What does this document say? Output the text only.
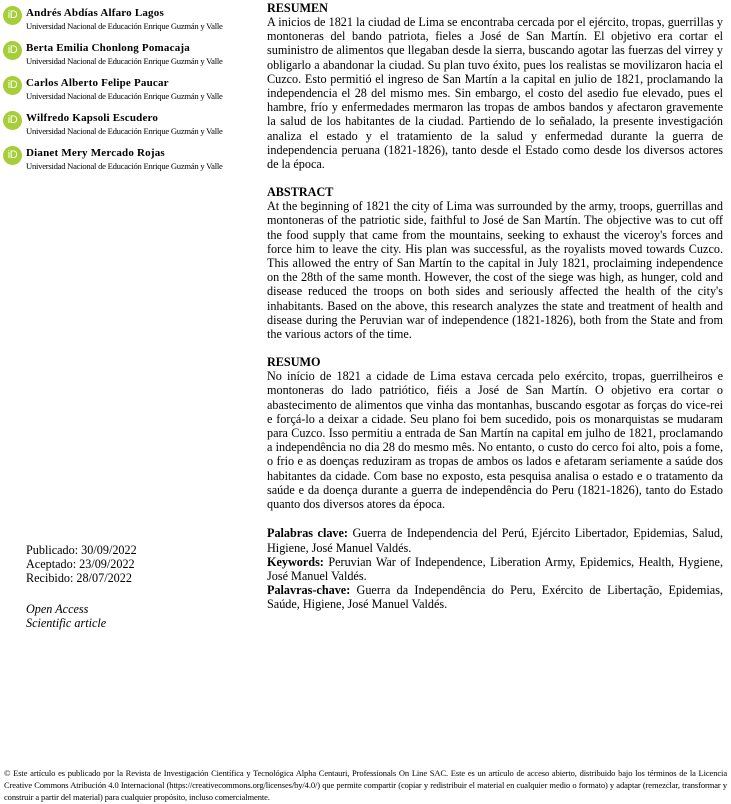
iD Andrés Abdías Alfaro Lagos
Universidad Nacional de Educación Enrique Guzmán y Valle
iD Berta Emilia Chonlong Pomacaja
Universidad Nacional de Educación Enrique Guzmán y Valle
iD Carlos Alberto Felipe Paucar
Universidad Nacional de Educación Enrique Guzmán y Valle
iD Wilfredo Kapsoli Escudero
Universidad Nacional de Educación Enrique Guzmán y Valle
iD Dianet Mery Mercado Rojas
Universidad Nacional de Educación Enrique Guzmán y Valle
RESUMEN
A inicios de 1821 la ciudad de Lima se encontraba cercada por el ejército, tropas, guerrillas y montoneras del bando patriota, fieles a José de San Martín. El objetivo era cortar el suministro de alimentos que llegaban desde la sierra, buscando agotar las fuerzas del virrey y obligarlo a abandonar la ciudad. Su plan tuvo éxito, pues los realistas se movilizaron hacia el Cuzco. Esto permitió el ingreso de San Martín a la capital en julio de 1821, proclamando la independencia el 28 del mismo mes. Sin embargo, el costo del asedio fue elevado, pues el hambre, frío y enfermedades mermaron las tropas de ambos bandos y afectaron gravemente la salud de los habitantes de la ciudad. Partiendo de lo señalado, la presente investigación analiza el estado y el tratamiento de la salud y enfermedad durante la guerra de independencia peruana (1821-1826), tanto desde el Estado como desde los diversos actores de la época.
ABSTRACT
At the beginning of 1821 the city of Lima was surrounded by the army, troops, guerrillas and montoneras of the patriotic side, faithful to José de San Martín. The objective was to cut off the food supply that came from the mountains, seeking to exhaust the viceroy's forces and force him to leave the city. His plan was successful, as the royalists moved towards Cuzco. This allowed the entry of San Martín to the capital in July 1821, proclaiming independence on the 28th of the same month. However, the cost of the siege was high, as hunger, cold and disease reduced the troops on both sides and seriously affected the health of the city's inhabitants. Based on the above, this research analyzes the state and treatment of health and disease during the Peruvian war of independence (1821-1826), both from the State and from the various actors of the time.
RESUMO
No início de 1821 a cidade de Lima estava cercada pelo exército, tropas, guerrilheiros e montoneras do lado patriótico, fiéis a José de San Martín. O objetivo era cortar o abastecimento de alimentos que vinha das montanhas, buscando esgotar as forças do vice-rei e forçá-lo a deixar a cidade. Seu plano foi bem sucedido, pois os monarquistas se mudaram para Cuzco. Isso permitiu a entrada de San Martín na capital em julho de 1821, proclamando a independência no dia 28 do mesmo mês. No entanto, o custo do cerco foi alto, pois a fome, o frio e as doenças reduziram as tropas de ambos os lados e afetaram seriamente a saúde dos habitantes da cidade. Com base no exposto, esta pesquisa analisa o estado e o tratamento da saúde e da doença durante a guerra de independência do Peru (1821-1826), tanto do Estado quanto dos diversos atores da época.
Palabras clave: Guerra de Independencia del Perú, Ejército Libertador, Epidemias, Salud, Higiene, José Manuel Valdés.
Keywords: Peruvian War of Independence, Liberation Army, Epidemics, Health, Hygiene, José Manuel Valdés.
Palavras-chave: Guerra da Independência do Peru, Exército de Libertação, Epidemias, Saúde, Higiene, José Manuel Valdés.
Publicado: 30/09/2022
Aceptado: 23/09/2022
Recibido: 28/07/2022
Open Access
Scientific article
© Este artículo es publicado por la Revista de Investigación Científica y Tecnológica Alpha Centauri, Professionals On Line SAC. Este es un artículo de acceso abierto, distribuido bajo los términos de la Licencia Creative Commons Atribución 4.0 Internacional (https://creativecommons.org/licenses/by/4.0/) que permite compartir (copiar y redistribuir el material en cualquier medio o formato) y adaptar (remezclar, transformar y construir a partir del material) para cualquier propósito, incluso comercialmente.
